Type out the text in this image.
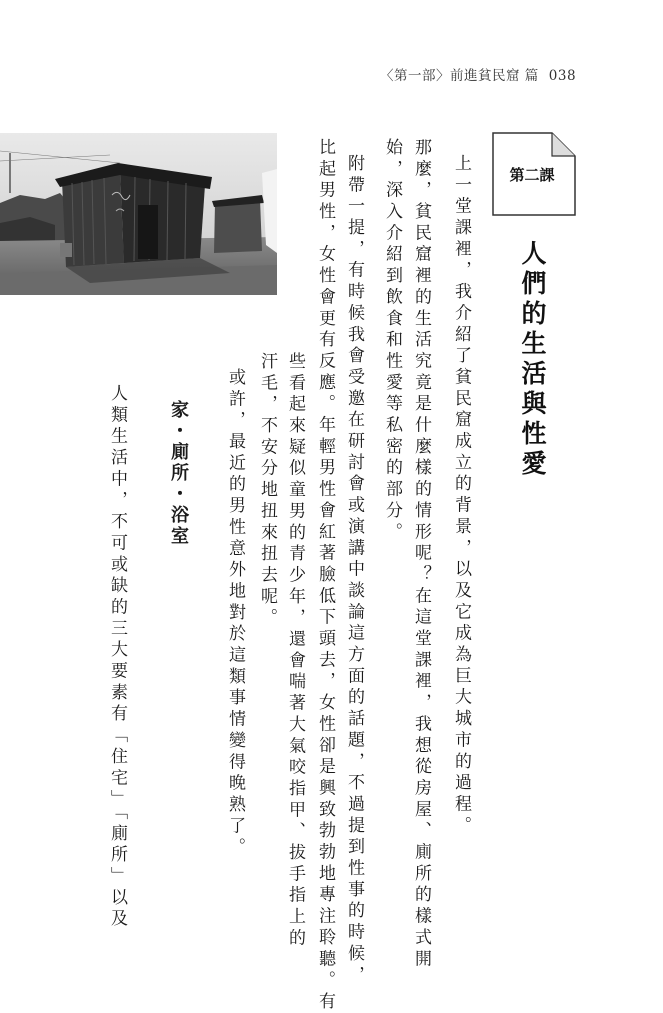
〈第一部〉前進貧民窟 篇 038
第二課
人們的生活與性愛
上一堂課裡，我介紹了貧民窟成立的背景，以及它成為巨大城市的過程。
那麼，貧民窟裡的生活究竟是什麼樣的情形呢？在這堂課裡，我想從房屋、廁所的樣式開
始，深入介紹到飲食和性愛等私密的部分。
附帶一提，有時候我會受邀在研討會或演講中談論這方面的話題，不過提到性事的時候，
比起男性，女性會更有反應。年輕男性會紅著臉低下頭去，女性卻是興致勃勃地專注聆聽。有
些看起來疑似童男的青少年，還會喘著大氣咬指甲、拔手指上的
汗毛，不安分地扭來扭去呢。
或許，最近的男性意外地對於這類事情變得晚熟了。
家・廁所・浴室
人類生活中，不可或缺的三大要素有「住宅」「廁所」以及
